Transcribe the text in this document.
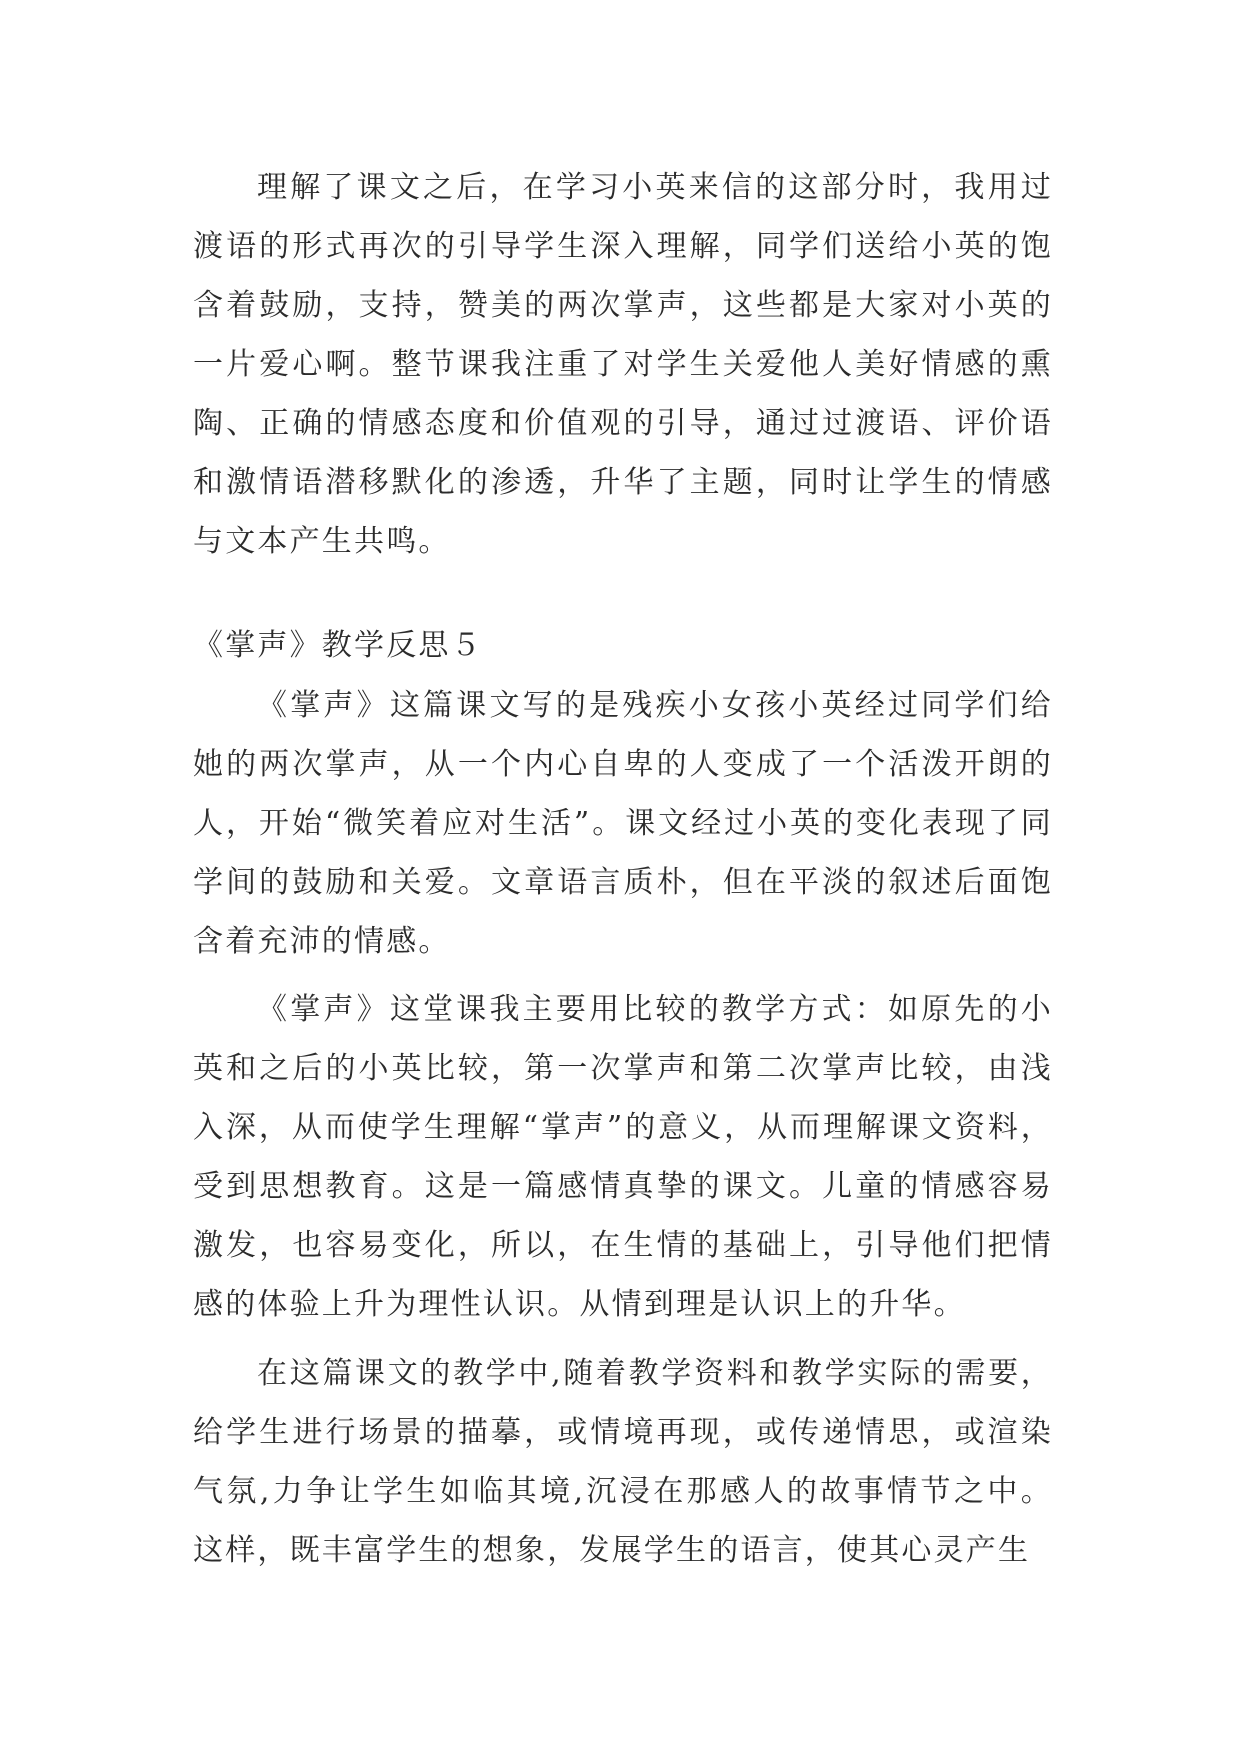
理解了课文之后，在学习小英来信的这部分时，我用过渡语的形式再次的引导学生深入理解，同学们送给小英的饱含着鼓励，支持，赞美的两次掌声，这些都是大家对小英的一片爱心啊。整节课我注重了对学生关爱他人美好情感的熏陶、正确的情感态度和价值观的引导，通过过渡语、评价语和激情语潜移默化的渗透，升华了主题，同时让学生的情感与文本产生共鸣。

《掌声》教学反思５

《掌声》这篇课文写的是残疾小女孩小英经过同学们给她的两次掌声，从一个内心自卑的人变成了一个活泼开朗的人，开始“微笑着应对生活”。课文经过小英的变化表现了同学间的鼓励和关爱。文章语言质朴，但在平淡的叙述后面饱含着充沛的情感。

《掌声》这堂课我主要用比较的教学方式：如原先的小英和之后的小英比较，第一次掌声和第二次掌声比较，由浅入深，从而使学生理解“掌声”的意义，从而理解课文资料，受到思想教育。这是一篇感情真挚的课文。儿童的情感容易激发，也容易变化，所以，在生情的基础上，引导他们把情感的体验上升为理性认识。从情到理是认识上的升华。

在这篇课文的教学中,随着教学资料和教学实际的需要，给学生进行场景的描摹，或情境再现，或传递情思，或渲染气氛,力争让学生如临其境,沉浸在那感人的故事情节之中。这样，既丰富学生的想象，发展学生的语言，使其心灵产生
